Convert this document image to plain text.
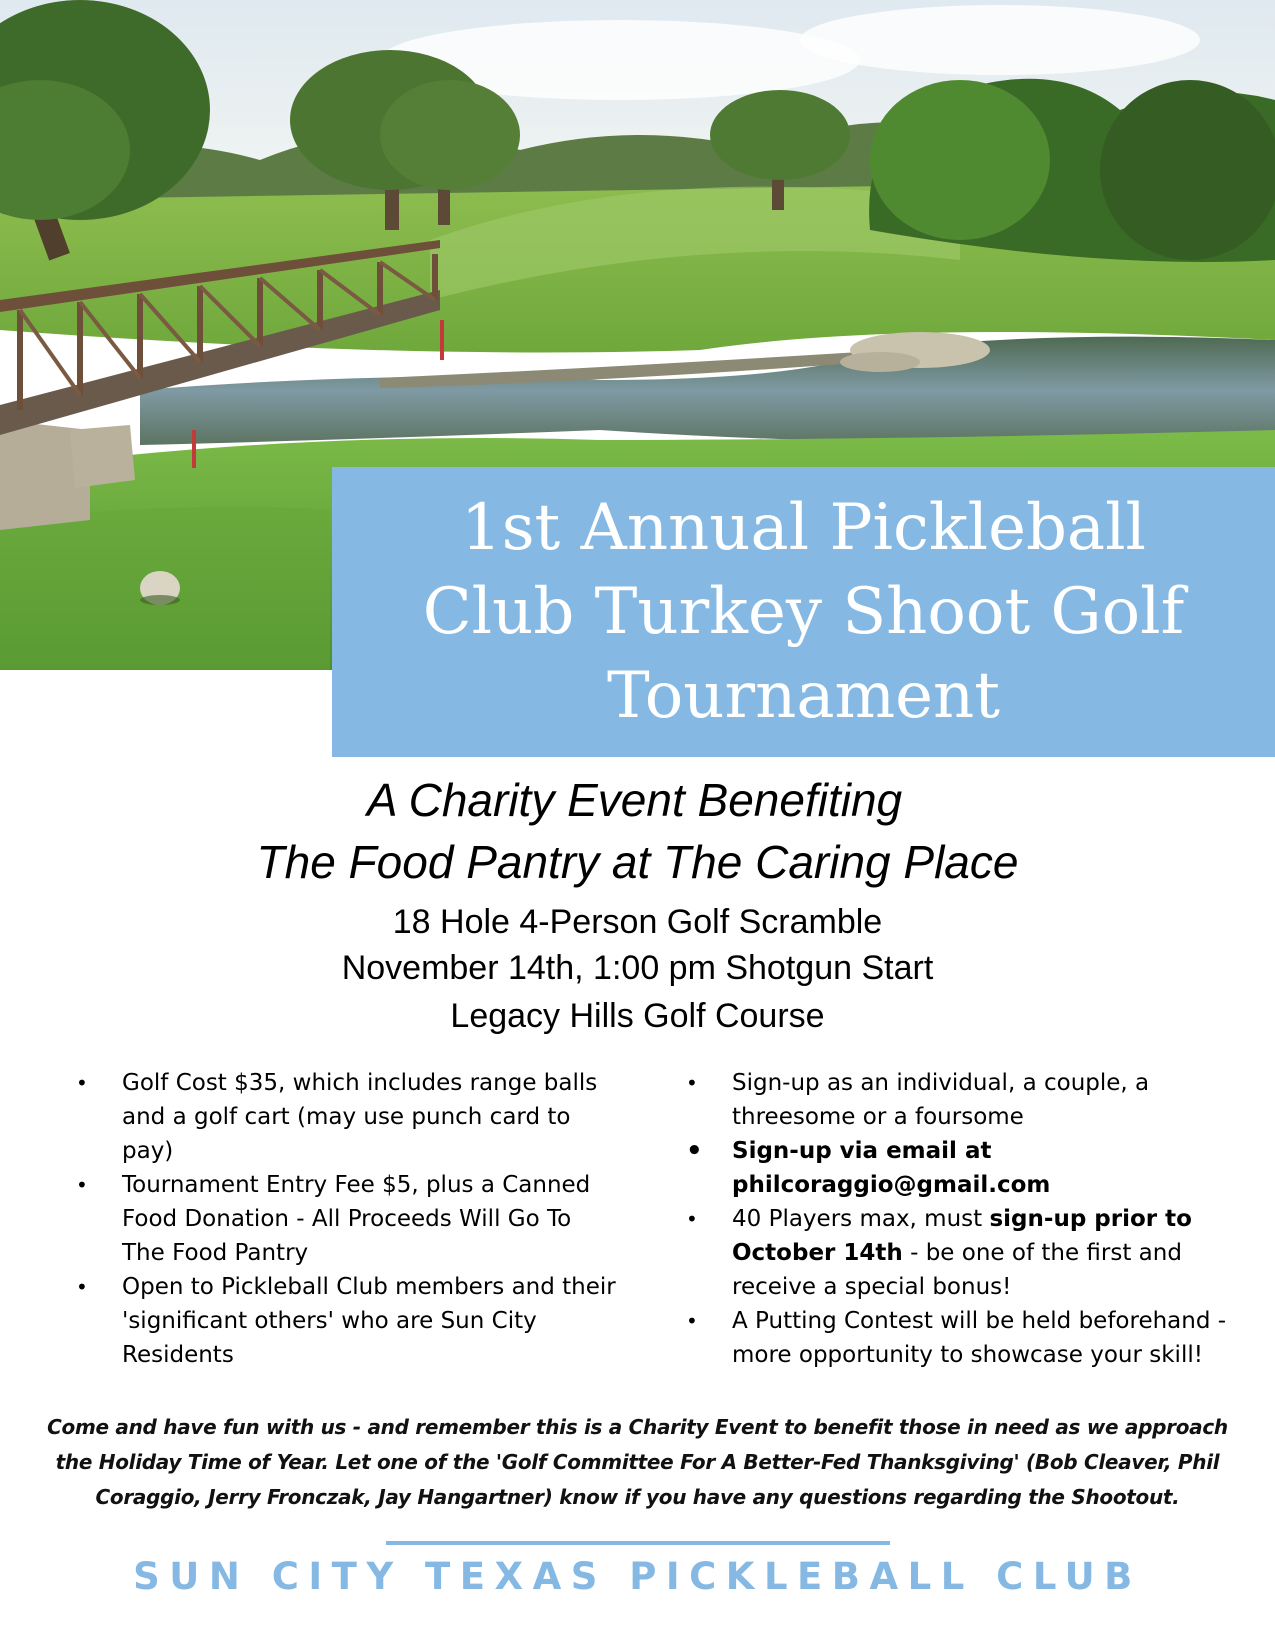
1st Annual Pickleball
Club Turkey Shoot Golf
Tournament
A Charity Event Benefiting
The Food Pantry at The Caring Place
18 Hole 4-Person Golf Scramble
November 14th, 1:00 pm Shotgun Start
Legacy Hills Golf Course
• Golf Cost $35, which includes range balls and a golf cart (may use punch card to pay)
• Tournament Entry Fee $5, plus a Canned Food Donation - All Proceeds Will Go To The Food Pantry
• Open to Pickleball Club members and their 'significant others' who are Sun City Residents
• Sign-up as an individual, a couple, a threesome or a foursome
• Sign-up via email at
philcoraggio@gmail.com
• 40 Players max, must sign-up prior to October 14th - be one of the first and receive a special bonus!
• A Putting Contest will be held beforehand - more opportunity to showcase your skill!
Come and have fun with us - and remember this is a Charity Event to benefit those in need as we approach the Holiday Time of Year. Let one of the 'Golf Committee For A Better-Fed Thanksgiving' (Bob Cleaver, Phil Coraggio, Jerry Fronczak, Jay Hangartner) know if you have any questions regarding the Shootout.
SUN CITY TEXAS PICKLEBALL CLUB
